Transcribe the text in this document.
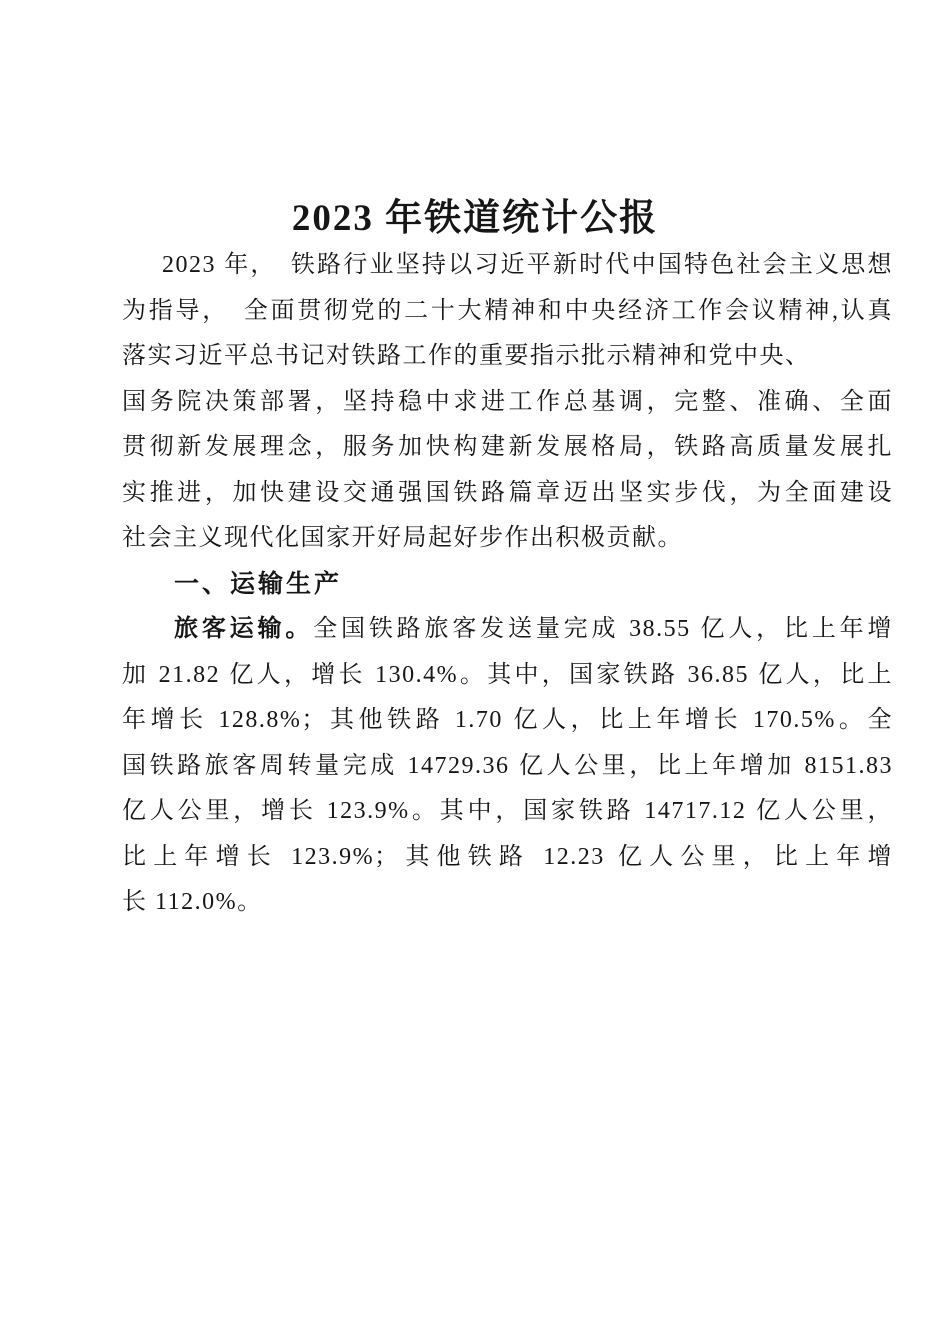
2023 年铁道统计公报
2023 年，　铁路行业坚持以习近平新时代中国特色社会主义思想
为指导，　全面贯彻党的二十大精神和中央经济工作会议精神,认真
落实习近平总书记对铁路工作的重要指示批示精神和党中央、
国务院决策部署，坚持稳中求进工作总基调，完整、准确、全面
贯彻新发展理念，服务加快构建新发展格局，铁路高质量发展扎
实推进，加快建设交通强国铁路篇章迈出坚实步伐，为全面建设
社会主义现代化国家开好局起好步作出积极贡献。
一、运输生产
旅客运输。全国铁路旅客发送量完成 38.55 亿人，比上年增
加 21.82 亿人，增长 130.4%。其中，国家铁路 36.85 亿人，比上
年增长 128.8%；其他铁路 1.70 亿人，比上年增长 170.5%。全
国铁路旅客周转量完成 14729.36 亿人公里，比上年增加 8151.83
亿人公里，增长 123.9%。其中，国家铁路 14717.12 亿人公里，
比上年增长 123.9%；其他铁路 12.23 亿人公里，比上年增
长 112.0%。
